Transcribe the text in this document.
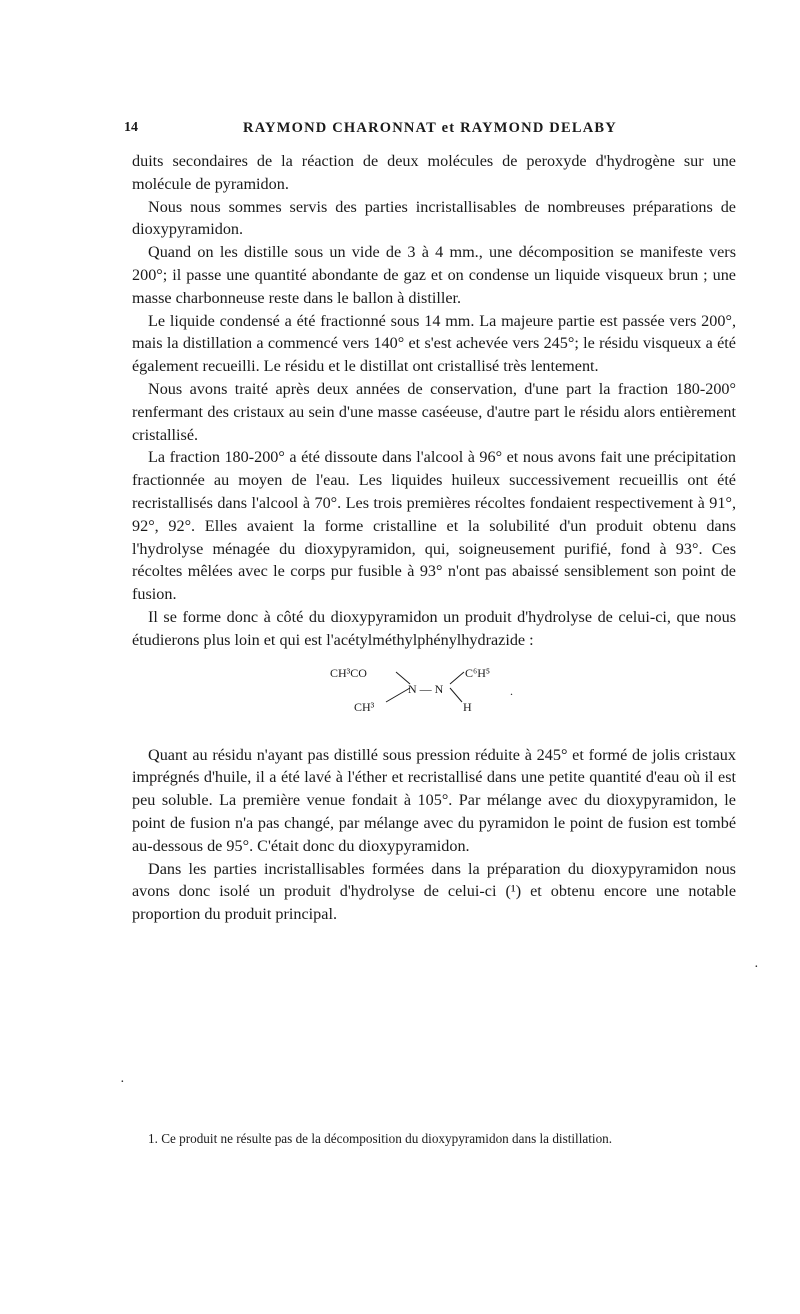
14	RAYMOND CHARONNAT et RAYMOND DELABY

duits secondaires de la réaction de deux molécules de peroxyde d'hydrogène sur une molécule de pyramidon.

Nous nous sommes servis des parties incristallisables de nombreuses préparations de dioxypyramidon.

Quand on les distille sous un vide de 3 à 4 mm., une décomposition se manifeste vers 200°; il passe une quantité abondante de gaz et on condense un liquide visqueux brun ; une masse charbonneuse reste dans le ballon à distiller.

Le liquide condensé a été fractionné sous 14 mm. La majeure partie est passée vers 200°, mais la distillation a commencé vers 140° et s'est achevée vers 245°; le résidu visqueux a été également recueilli. Le résidu et le distillat ont cristallisé très lentement.

Nous avons traité après deux années de conservation, d'une part la fraction 180-200° renfermant des cristaux au sein d'une masse caséeuse, d'autre part le résidu alors entièrement cristallisé.

La fraction 180-200° a été dissoute dans l'alcool à 96° et nous avons fait une précipitation fractionnée au moyen de l'eau. Les liquides huileux successivement recueillis ont été recristallisés dans l'alcool à 70°. Les trois premières récoltes fondaient respectivement à 91°, 92°, 92°. Elles avaient la forme cristalline et la solubilité d'un produit obtenu dans l'hydrolyse ménagée du dioxypyramidon, qui, soigneusement purifié, fond à 93°. Ces récoltes mêlées avec le corps pur fusible à 93° n'ont pas abaissé sensiblement son point de fusion.

Il se forme donc à côté du dioxypyramidon un produit d'hydrolyse de celui-ci, que nous étudierons plus loin et qui est l'acétylméthylphénylhydrazide :

CH³CO
CH³
N — N
C⁶H⁵
H
.

Quant au résidu n'ayant pas distillé sous pression réduite à 245° et formé de jolis cristaux imprégnés d'huile, il a été lavé à l'éther et recristallisé dans une petite quantité d'eau où il est peu soluble. La première venue fondait à 105°. Par mélange avec du dioxypyramidon, le point de fusion n'a pas changé, par mélange avec du pyramidon le point de fusion est tombé au-dessous de 95°. C'était donc du dioxypyramidon.

Dans les parties incristallisables formées dans la préparation du dioxypyramidon nous avons donc isolé un produit d'hydrolyse de celui-ci (¹) et obtenu encore une notable proportion du produit principal.

1. Ce produit ne résulte pas de la décomposition du dioxypyramidon dans la distillation.
·
·
